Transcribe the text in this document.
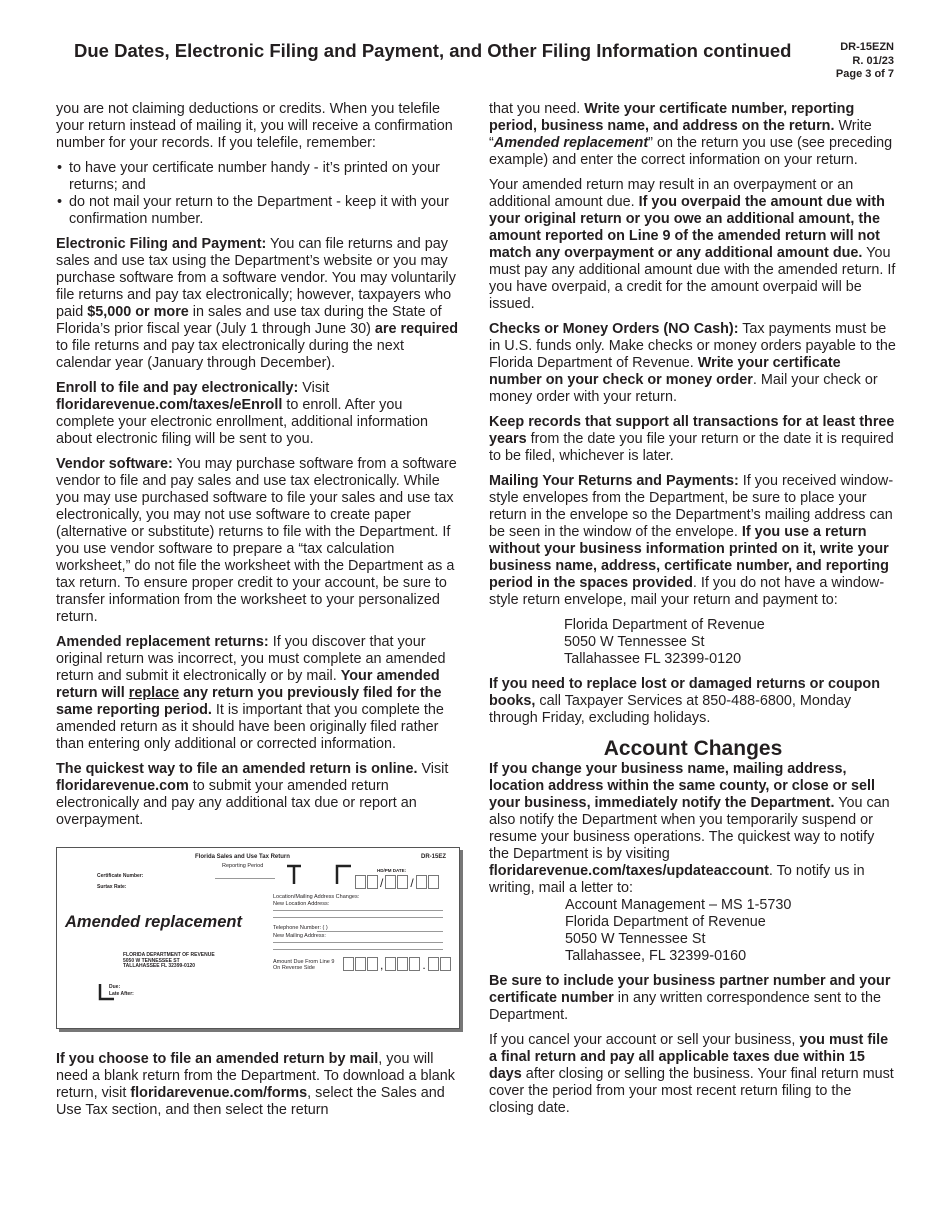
Due Dates, Electronic Filing and Payment, and Other Filing Information continued	DR-15EZN
R. 01/23
Page 3 of 7

you are not claiming deductions or credits. When you telefile your return instead of mailing it, you will receive a confirmation number for your records. If you telefile, remember:

• to have your certificate number handy - it’s printed on your returns; and
• do not mail your return to the Department - keep it with your confirmation number.

Electronic Filing and Payment: You can file returns and pay sales and use tax using the Department’s website or you may purchase software from a software vendor. You may voluntarily file returns and pay tax electronically; however, taxpayers who paid $5,000 or more in sales and use tax during the State of Florida’s prior fiscal year (July 1 through June 30) are required to file returns and pay tax electronically during the next calendar year (January through December).

Enroll to file and pay electronically: Visit floridarevenue.com/taxes/eEnroll to enroll. After you complete your electronic enrollment, additional information about electronic filing will be sent to you.

Vendor software: You may purchase software from a software vendor to file and pay sales and use tax electronically. While you may use purchased software to file your sales and use tax electronically, you may not use software to create paper (alternative or substitute) returns to file with the Department. If you use vendor software to prepare a “tax calculation worksheet,” do not file the worksheet with the Department as a tax return. To ensure proper credit to your account, be sure to transfer information from the worksheet to your personalized return.

Amended replacement returns: If you discover that your original return was incorrect, you must complete an amended return and submit it electronically or by mail. Your amended return will replace any return you previously filed for the same reporting period. It is important that you complete the amended return as it should have been originally filed rather than entering only additional or corrected information.

The quickest way to file an amended return is online. Visit floridarevenue.com to submit your amended return electronically and pay any additional tax due or report an overpayment.

Florida Sales and Use Tax Return	DR-15EZ
Reporting Period
HD/PM DATE:
/ /
Certificate Number:
Surtax Rate:
Location/Mailing Address Changes:
New Location Address:
Telephone Number: ( )
New Mailing Address:
Amended replacement
FLORIDA DEPARTMENT OF REVENUE
5050 W TENNESSEE ST
TALLAHASSEE FL 32399-0120
Amount Due From Line 9
On Reverse Side	,	.
Due:
Late After:

If you choose to file an amended return by mail, you will need a blank return from the Department. To download a blank return, visit floridarevenue.com/forms, select the Sales and Use Tax section, and then select the return

that you need. Write your certificate number, reporting period, business name, and address on the return. Write “Amended replacement” on the return you use (see preceding example) and enter the correct information on your return.

Your amended return may result in an overpayment or an additional amount due. If you overpaid the amount due with your original return or you owe an additional amount, the amount reported on Line 9 of the amended return will not match any overpayment or any additional amount due. You must pay any additional amount due with the amended return. If you have overpaid, a credit for the amount overpaid will be issued.

Checks or Money Orders (NO Cash): Tax payments must be in U.S. funds only. Make checks or money orders payable to the Florida Department of Revenue. Write your certificate number on your check or money order. Mail your check or money order with your return.

Keep records that support all transactions for at least three years from the date you file your return or the date it is required to be filed, whichever is later.

Mailing Your Returns and Payments: If you received window-style envelopes from the Department, be sure to place your return in the envelope so the Department’s mailing address can be seen in the window of the envelope. If you use a return without your business information printed on it, write your business name, address, certificate number, and reporting period in the spaces provided. If you do not have a window-style return envelope, mail your return and payment to:

Florida Department of Revenue
5050 W Tennessee St
Tallahassee FL 32399-0120

If you need to replace lost or damaged returns or coupon books, call Taxpayer Services at 850-488-6800, Monday through Friday, excluding holidays.

Account Changes

If you change your business name, mailing address, location address within the same county, or close or sell your business, immediately notify the Department. You can also notify the Department when you temporarily suspend or resume your business operations. The quickest way to notify the Department is by visiting floridarevenue.com/taxes/updateaccount. To notify us in writing, mail a letter to:

Account Management – MS 1-5730
Florida Department of Revenue
5050 W Tennessee St
Tallahassee, FL 32399-0160

Be sure to include your business partner number and your certificate number in any written correspondence sent to the Department.

If you cancel your account or sell your business, you must file a final return and pay all applicable taxes due within 15 days after closing or selling the business. Your final return must cover the period from your most recent return filing to the closing date.
